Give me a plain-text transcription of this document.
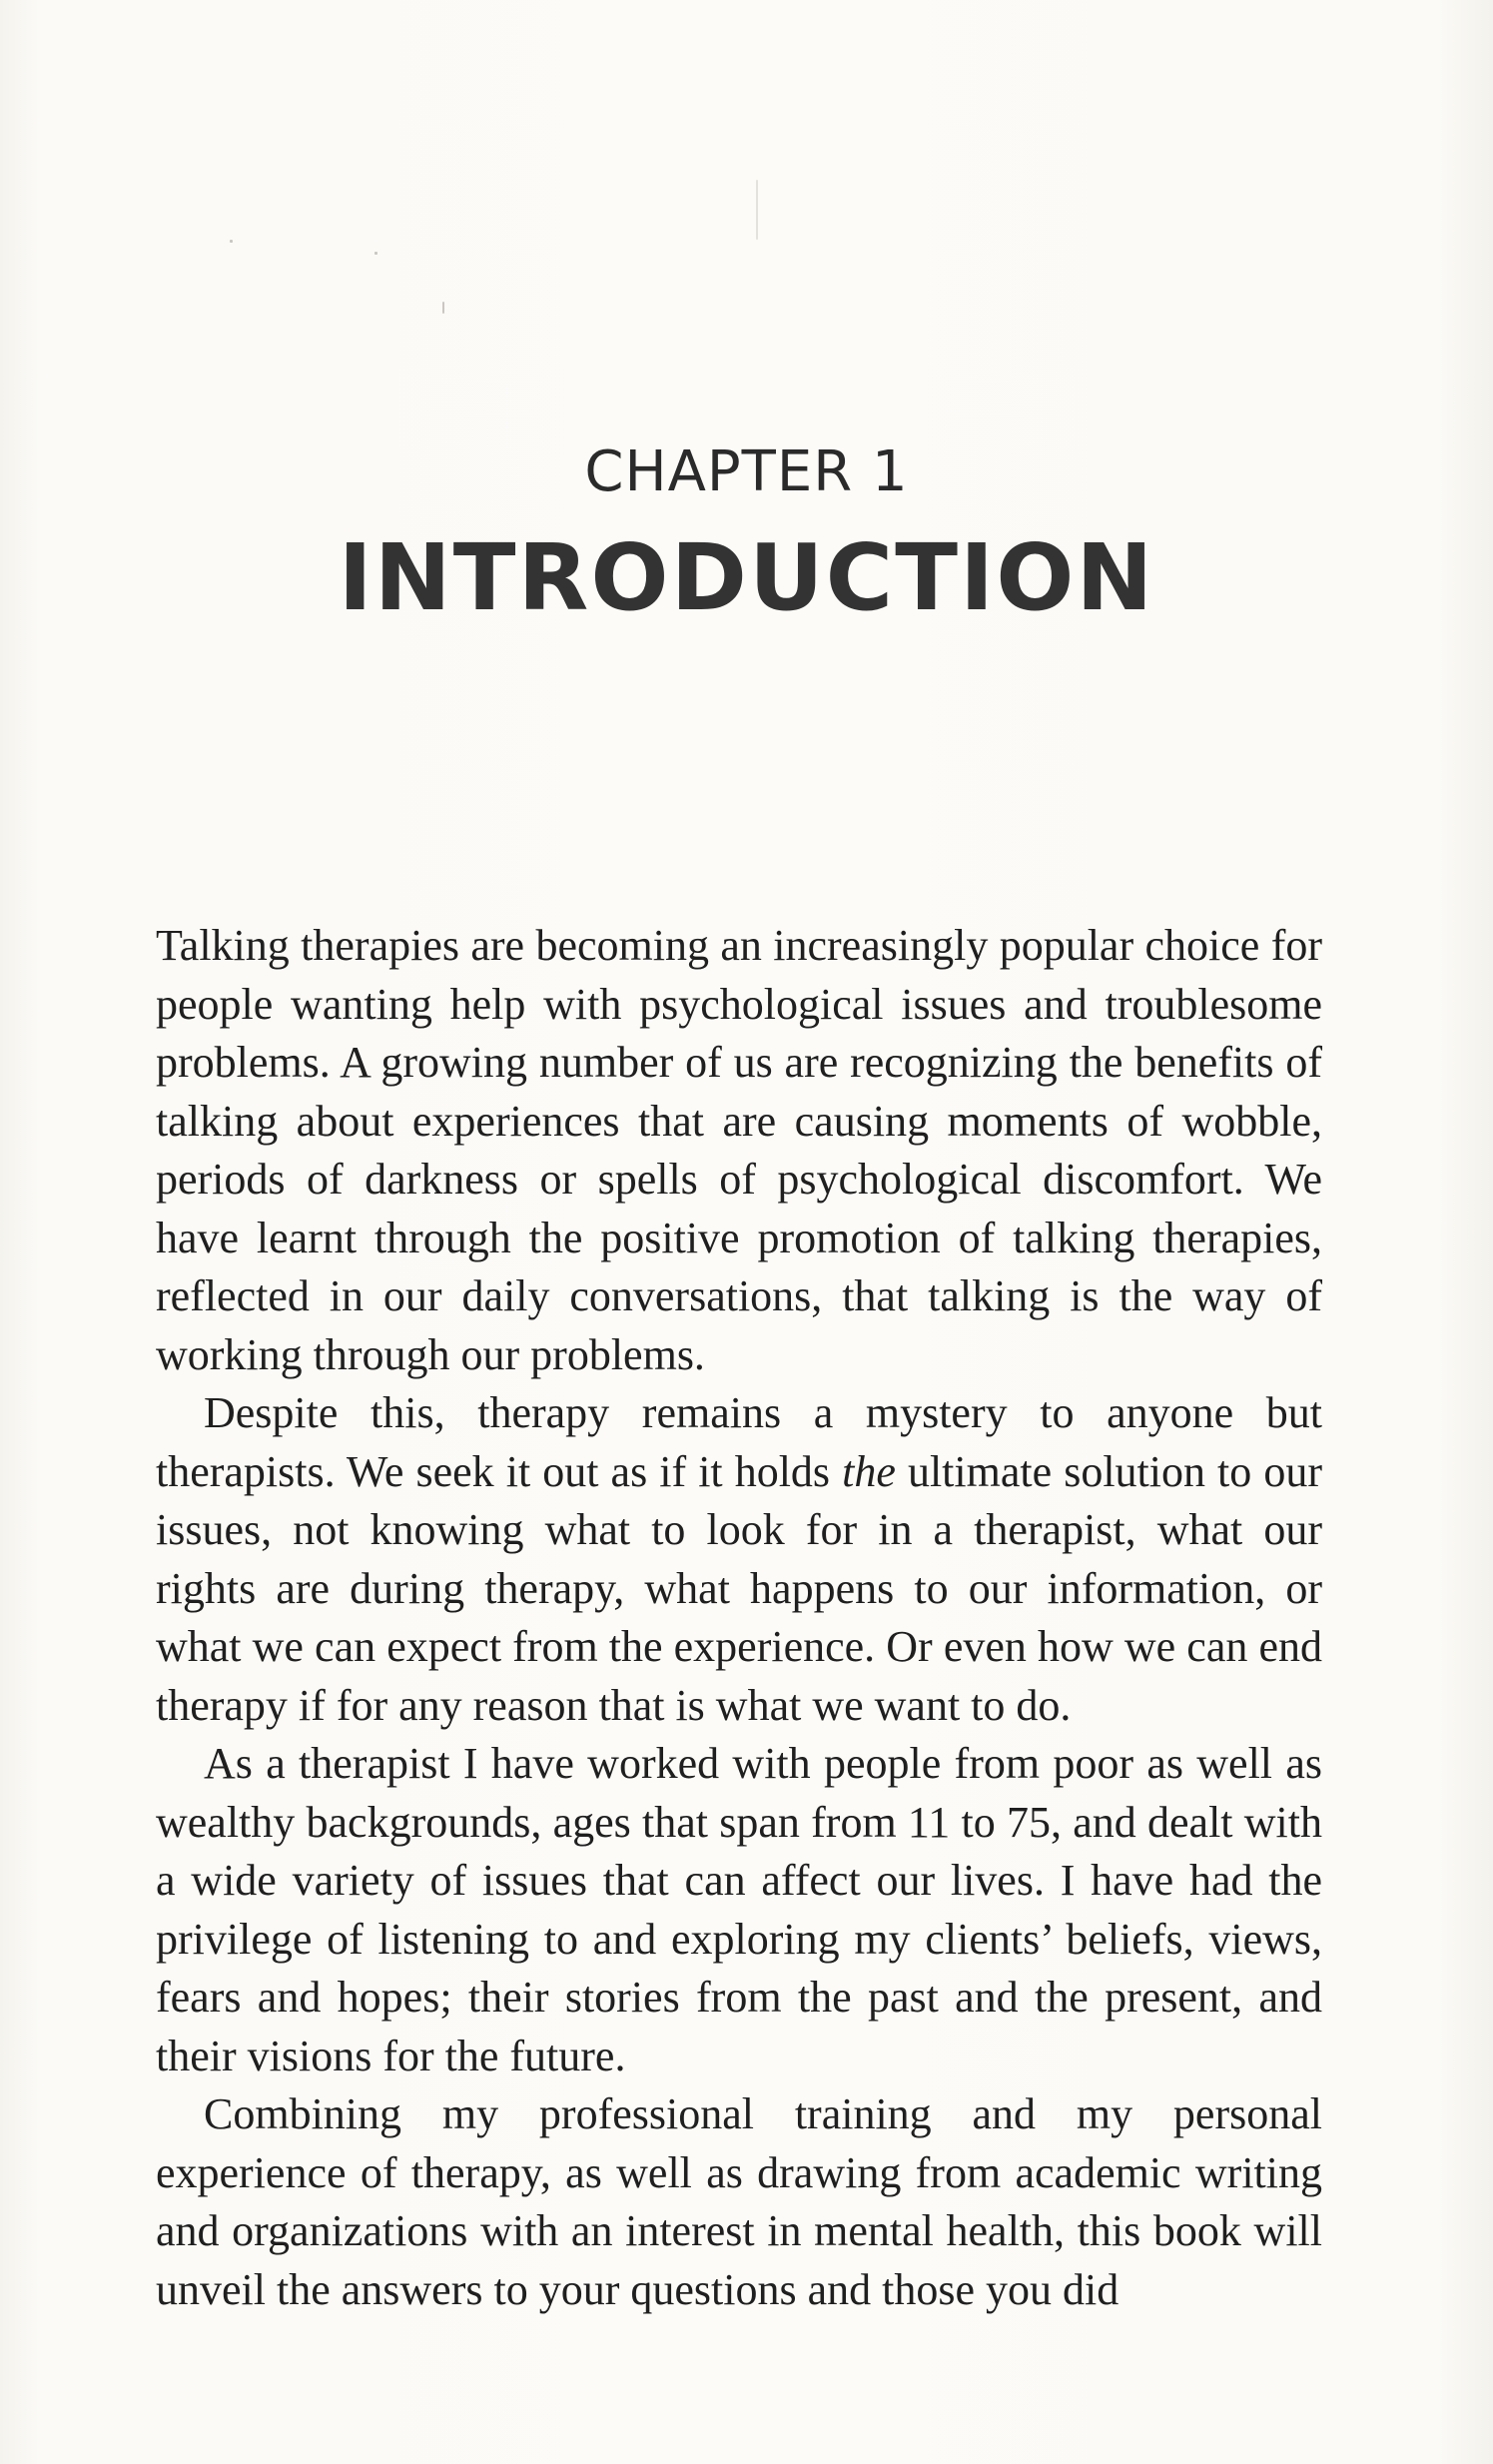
CHAPTER 1
INTRODUCTION

Talking therapies are becoming an increasingly popular choice for people wanting help with psychological issues and troublesome problems. A growing number of us are recognizing the benefits of talking about experiences that are causing moments of wobble, periods of darkness or spells of psychological discomfort. We have learnt through the positive promotion of talking therapies, reflected in our daily conversations, that talking is the way of working through our problems.

Despite this, therapy remains a mystery to anyone but therapists. We seek it out as if it holds the ultimate solution to our issues, not knowing what to look for in a therapist, what our rights are during therapy, what happens to our information, or what we can expect from the experience. Or even how we can end therapy if for any reason that is what we want to do.

As a therapist I have worked with people from poor as well as wealthy backgrounds, ages that span from 11 to 75, and dealt with a wide variety of issues that can affect our lives. I have had the privilege of listening to and exploring my clients’ beliefs, views, fears and hopes; their stories from the past and the present, and their visions for the future.

Combining my professional training and my personal experience of therapy, as well as drawing from academic writing and organizations with an interest in mental health, this book will unveil the answers to your questions and those you did
